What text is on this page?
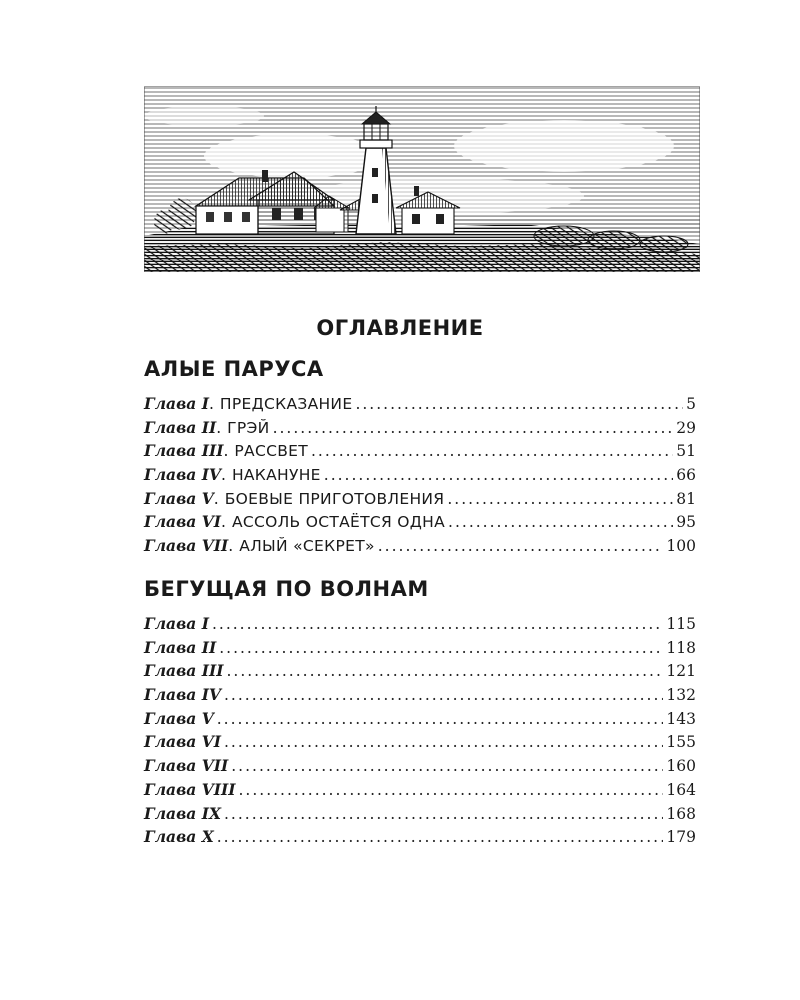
ОГЛАВЛЕНИЕ
АЛЫЕ ПАРУСА
Глава I . ПРЕДСКАЗАНИЕ .....	5
Глава II . ГРЭЙ .....	29
Глава III . РАССВЕТ .....	51
Глава IV . НАКАНУНЕ .....	66
Глава V . БОЕВЫЕ ПРИГОТОВЛЕНИЯ .....	81
Глава VI . АССОЛЬ ОСТАЁТСЯ ОДНА .....	95
Глава VII . АЛЫЙ «СЕКРЕТ» .....	100
БЕГУЩАЯ ПО ВОЛНАМ
Глава I .....	115
Глава II .....	118
Глава III .....	121
Глава IV .....	132
Глава V .....	143
Глава VI .....	155
Глава VII .....	160
Глава VIII .....	164
Глава IX .....	168
Глава X .....	179
